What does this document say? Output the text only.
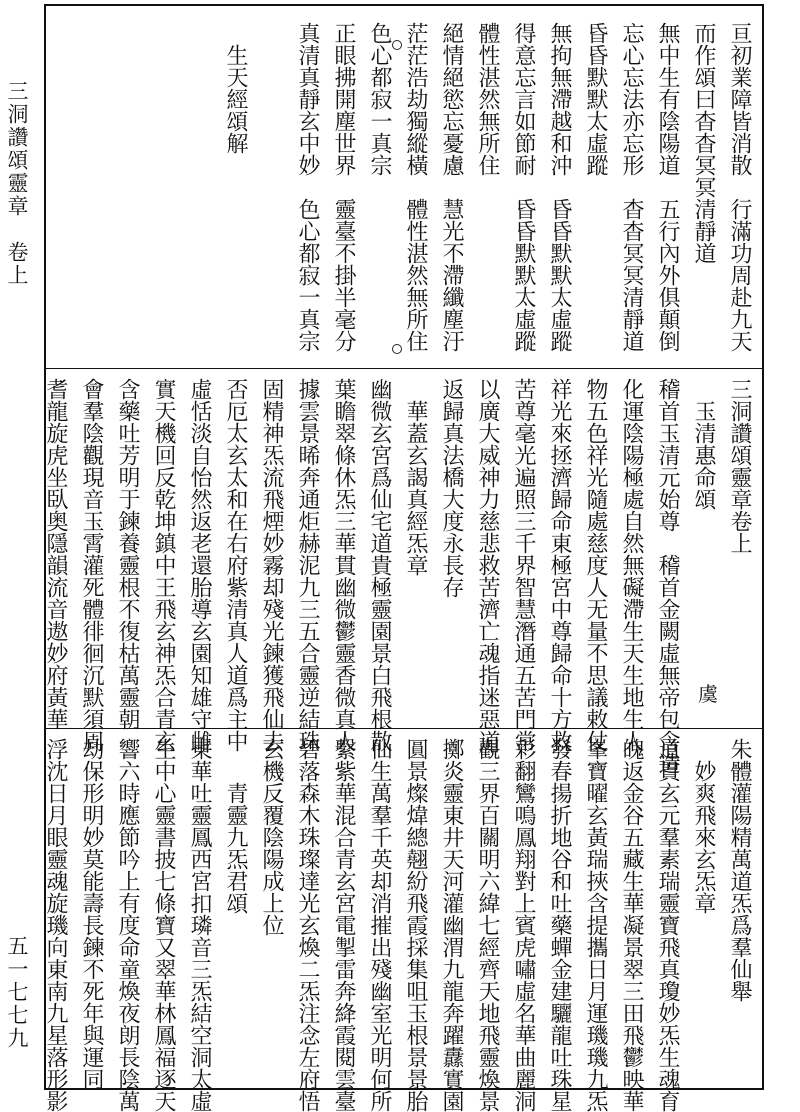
三洞讚頌靈章　卷上
五一七七九
亘初業障皆消散　行滿功周赴九天
而作頌曰杳杳冥冥清靜道
無中生有陰陽道　五行內外俱顛倒
忘心忘法亦忘形　杳杳冥冥清靜道
昏昏默默太虛蹤
無拘無滯越和沖　昏昏默默太虛蹤
得意忘言如節耐　昏昏默默太虛蹤
體性湛然無所住
絕情絕慾忘憂慮　慧光不滯纖塵汙
茫茫浩劫獨縱橫　體性湛然無所住
色心都寂一真宗
正眼拂開塵世界　靈臺不掛半毫分
真清真靜玄中妙　色心都寂一真宗
生天經頌解
三洞讚頌靈章卷上
玉清惠命頌
稽首玉清元始尊　稽首金闕虛無帝包含造
化運陰陽極處自然無礙滯生天生地生人
物五色祥光隨處慈度人无量不思議敕仗
祥光來拯濟歸命東極宮中尊歸命十方救
苦尊毫光遍照三千界智慧潛通五苦門常
以廣大威神力慈悲救苦濟亡魂指迷惡道
返歸真法橋大度永長存
華蓋玄謁真經炁章
幽微玄宮爲仙宅道貴極靈園景白飛根散
葉瞻翠條休炁三華貫幽微鬱靈香微真人
據雲景晞奔通炬赫泥九三五合靈逆結珠
固精神炁流飛煙妙霧却殘光鍊獲飛仙去
否厄太玄太和在右府紫清真人道爲主中
虛恬淡自怡然返老還胎導玄園知雄守雌
實天機回反乾坤鎮中王飛玄神炁合青玄
含藥吐芳明于鍊養靈根不復枯萬靈朝
會羣陰觀現音玉霄灌死體徘徊沉默須周
耆龍旋虎坐臥奥隱韻流音遨妙府黃華	虞
朱體灌陽精萬道炁爲羣仙舉
妙爽飛來玄炁章
道貫玄元羣素瑞靈寶飛真瓊妙炁生魂育
魄返金谷五藏生華凝景翠三田飛鬱映華
峯寶曜玄黃瑞挾含提攜日月運璣璣九炁
發春揚折地谷和吐藥蟬金建驪龍吐珠星
彩翻鸞鳴鳳翔對上賓虎嘯虛名華曲麗洞
觀三界百關明六緯七經齊天地飛靈煥景
擲炎靈東井天河灌幽渭九龍奔躍纛實園
圓景燦煒總翹紛飛霞採集咀玉根景景胎
仙生萬羣千英却消摧出殘幽室光明何所
繫紫華混合青玄宮電掣雷奔絳霞閱雲臺
碧落森木珠璨達光玄煥二炁注念左府悟
玄機反覆陰陽成上位
青靈九炁君頌
東華吐靈鳳西宮扣璘音三炁結空洞太虛
生中心靈書披七條寶又翠華林鳳福逐天
響六時應節吟上有度命童煥夜朗長陰萬
劫保形明妙莫能壽長鍊不死年與運同
浮沈日月眼靈魂旋璣向東南九星落形影
